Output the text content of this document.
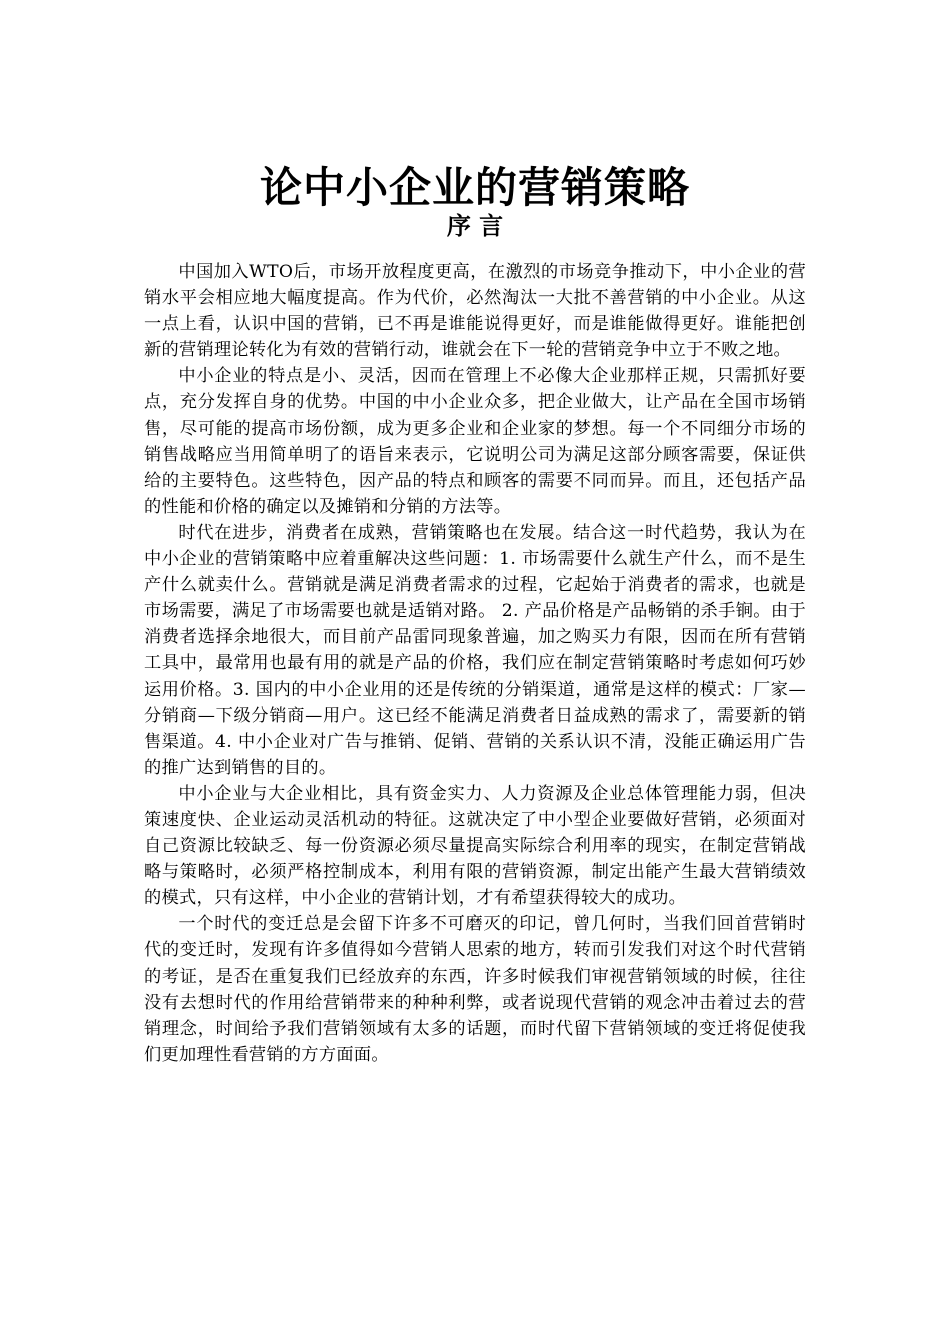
论中小企业的营销策略
序 言

中国加入WTO后，市场开放程度更高，在激烈的市场竞争推动下，中小企业的营销水平会相应地大幅度提高。作为代价，必然淘汰一大批不善营销的中小企业。从这一点上看，认识中国的营销，已不再是谁能说得更好，而是谁能做得更好。谁能把创新的营销理论转化为有效的营销行动，谁就会在下一轮的营销竞争中立于不败之地。

中小企业的特点是小、灵活，因而在管理上不必像大企业那样正规，只需抓好要点，充分发挥自身的优势。中国的中小企业众多，把企业做大，让产品在全国市场销售，尽可能的提高市场份额，成为更多企业和企业家的梦想。每一个不同细分市场的销售战略应当用简单明了的语旨来表示，它说明公司为满足这部分顾客需要，保证供给的主要特色。这些特色，因产品的特点和顾客的需要不同而异。而且，还包括产品的性能和价格的确定以及摊销和分销的方法等。

时代在进步，消费者在成熟，营销策略也在发展。结合这一时代趋势，我认为在中小企业的营销策略中应着重解决这些问题：1. 市场需要什么就生产什么，而不是生产什么就卖什么。营销就是满足消费者需求的过程，它起始于消费者的需求，也就是市场需要，满足了市场需要也就是适销对路。 2. 产品价格是产品畅销的杀手锏。由于消费者选择余地很大，而目前产品雷同现象普遍，加之购买力有限，因而在所有营销工具中，最常用也最有用的就是产品的价格，我们应在制定营销策略时考虑如何巧妙运用价格。3. 国内的中小企业用的还是传统的分销渠道，通常是这样的模式：厂家—分销商—下级分销商—用户。这已经不能满足消费者日益成熟的需求了，需要新的销售渠道。4. 中小企业对广告与推销、促销、营销的关系认识不清，没能正确运用广告的推广达到销售的目的。

中小企业与大企业相比，具有资金实力、人力资源及企业总体管理能力弱，但决策速度快、企业运动灵活机动的特征。这就决定了中小型企业要做好营销，必须面对自己资源比较缺乏、每一份资源必须尽量提高实际综合利用率的现实，在制定营销战略与策略时，必须严格控制成本，利用有限的营销资源，制定出能产生最大营销绩效的模式，只有这样，中小企业的营销计划，才有希望获得较大的成功。

一个时代的变迁总是会留下许多不可磨灭的印记，曾几何时，当我们回首营销时代的变迁时，发现有许多值得如今营销人思索的地方，转而引发我们对这个时代营销的考证，是否在重复我们已经放弃的东西，许多时候我们审视营销领域的时候，往往没有去想时代的作用给营销带来的种种利弊，或者说现代营销的观念冲击着过去的营销理念，时间给予我们营销领域有太多的话题，而时代留下营销领域的变迁将促使我们更加理性看营销的方方面面。
